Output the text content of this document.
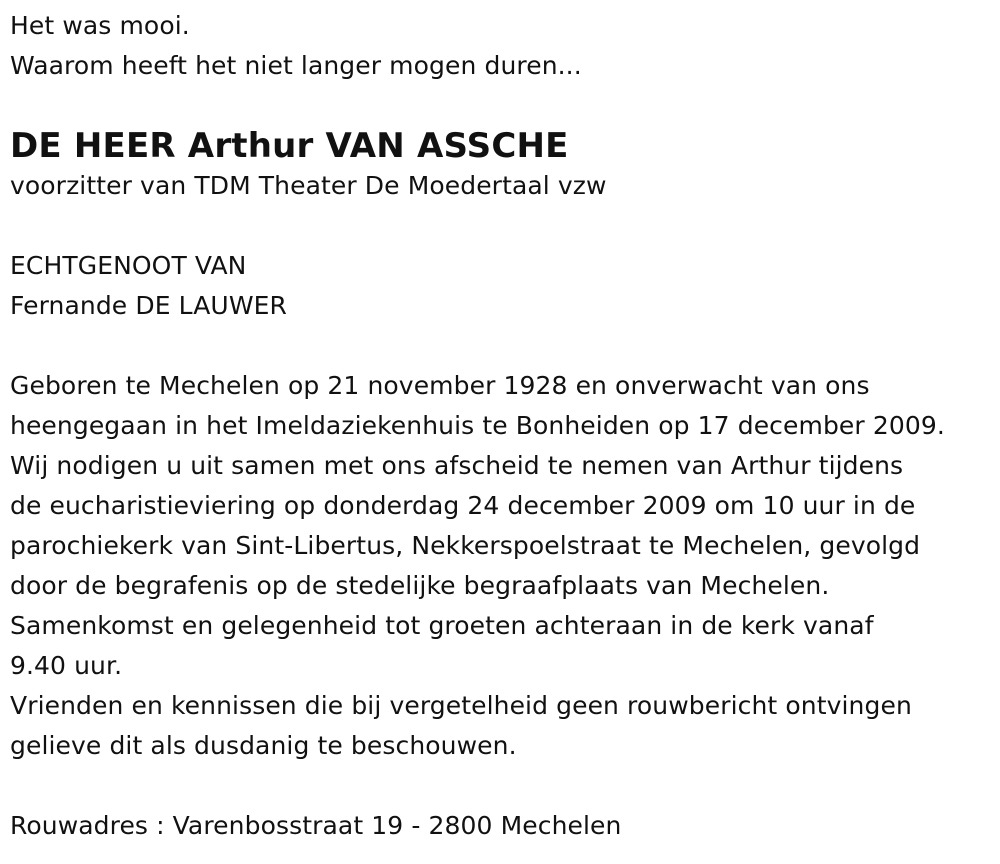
Het was mooi.
Waarom heeft het niet langer mogen duren...
DE HEER Arthur VAN ASSCHE
voorzitter van TDM Theater De Moedertaal vzw
ECHTGENOOT VAN
Fernande DE LAUWER
Geboren te Mechelen op 21 november 1928 en onverwacht van ons
heengegaan in het Imeldaziekenhuis te Bonheiden op 17 december 2009.
Wij nodigen u uit samen met ons afscheid te nemen van Arthur tijdens
de eucharistieviering op donderdag 24 december 2009 om 10 uur in de
parochiekerk van Sint-Libertus, Nekkerspoelstraat te Mechelen, gevolgd
door de begrafenis op de stedelijke begraafplaats van Mechelen.
Samenkomst en gelegenheid tot groeten achteraan in de kerk vanaf
9.40 uur.
Vrienden en kennissen die bij vergetelheid geen rouwbericht ontvingen
gelieve dit als dusdanig te beschouwen.
Rouwadres : Varenbosstraat 19 - 2800 Mechelen
